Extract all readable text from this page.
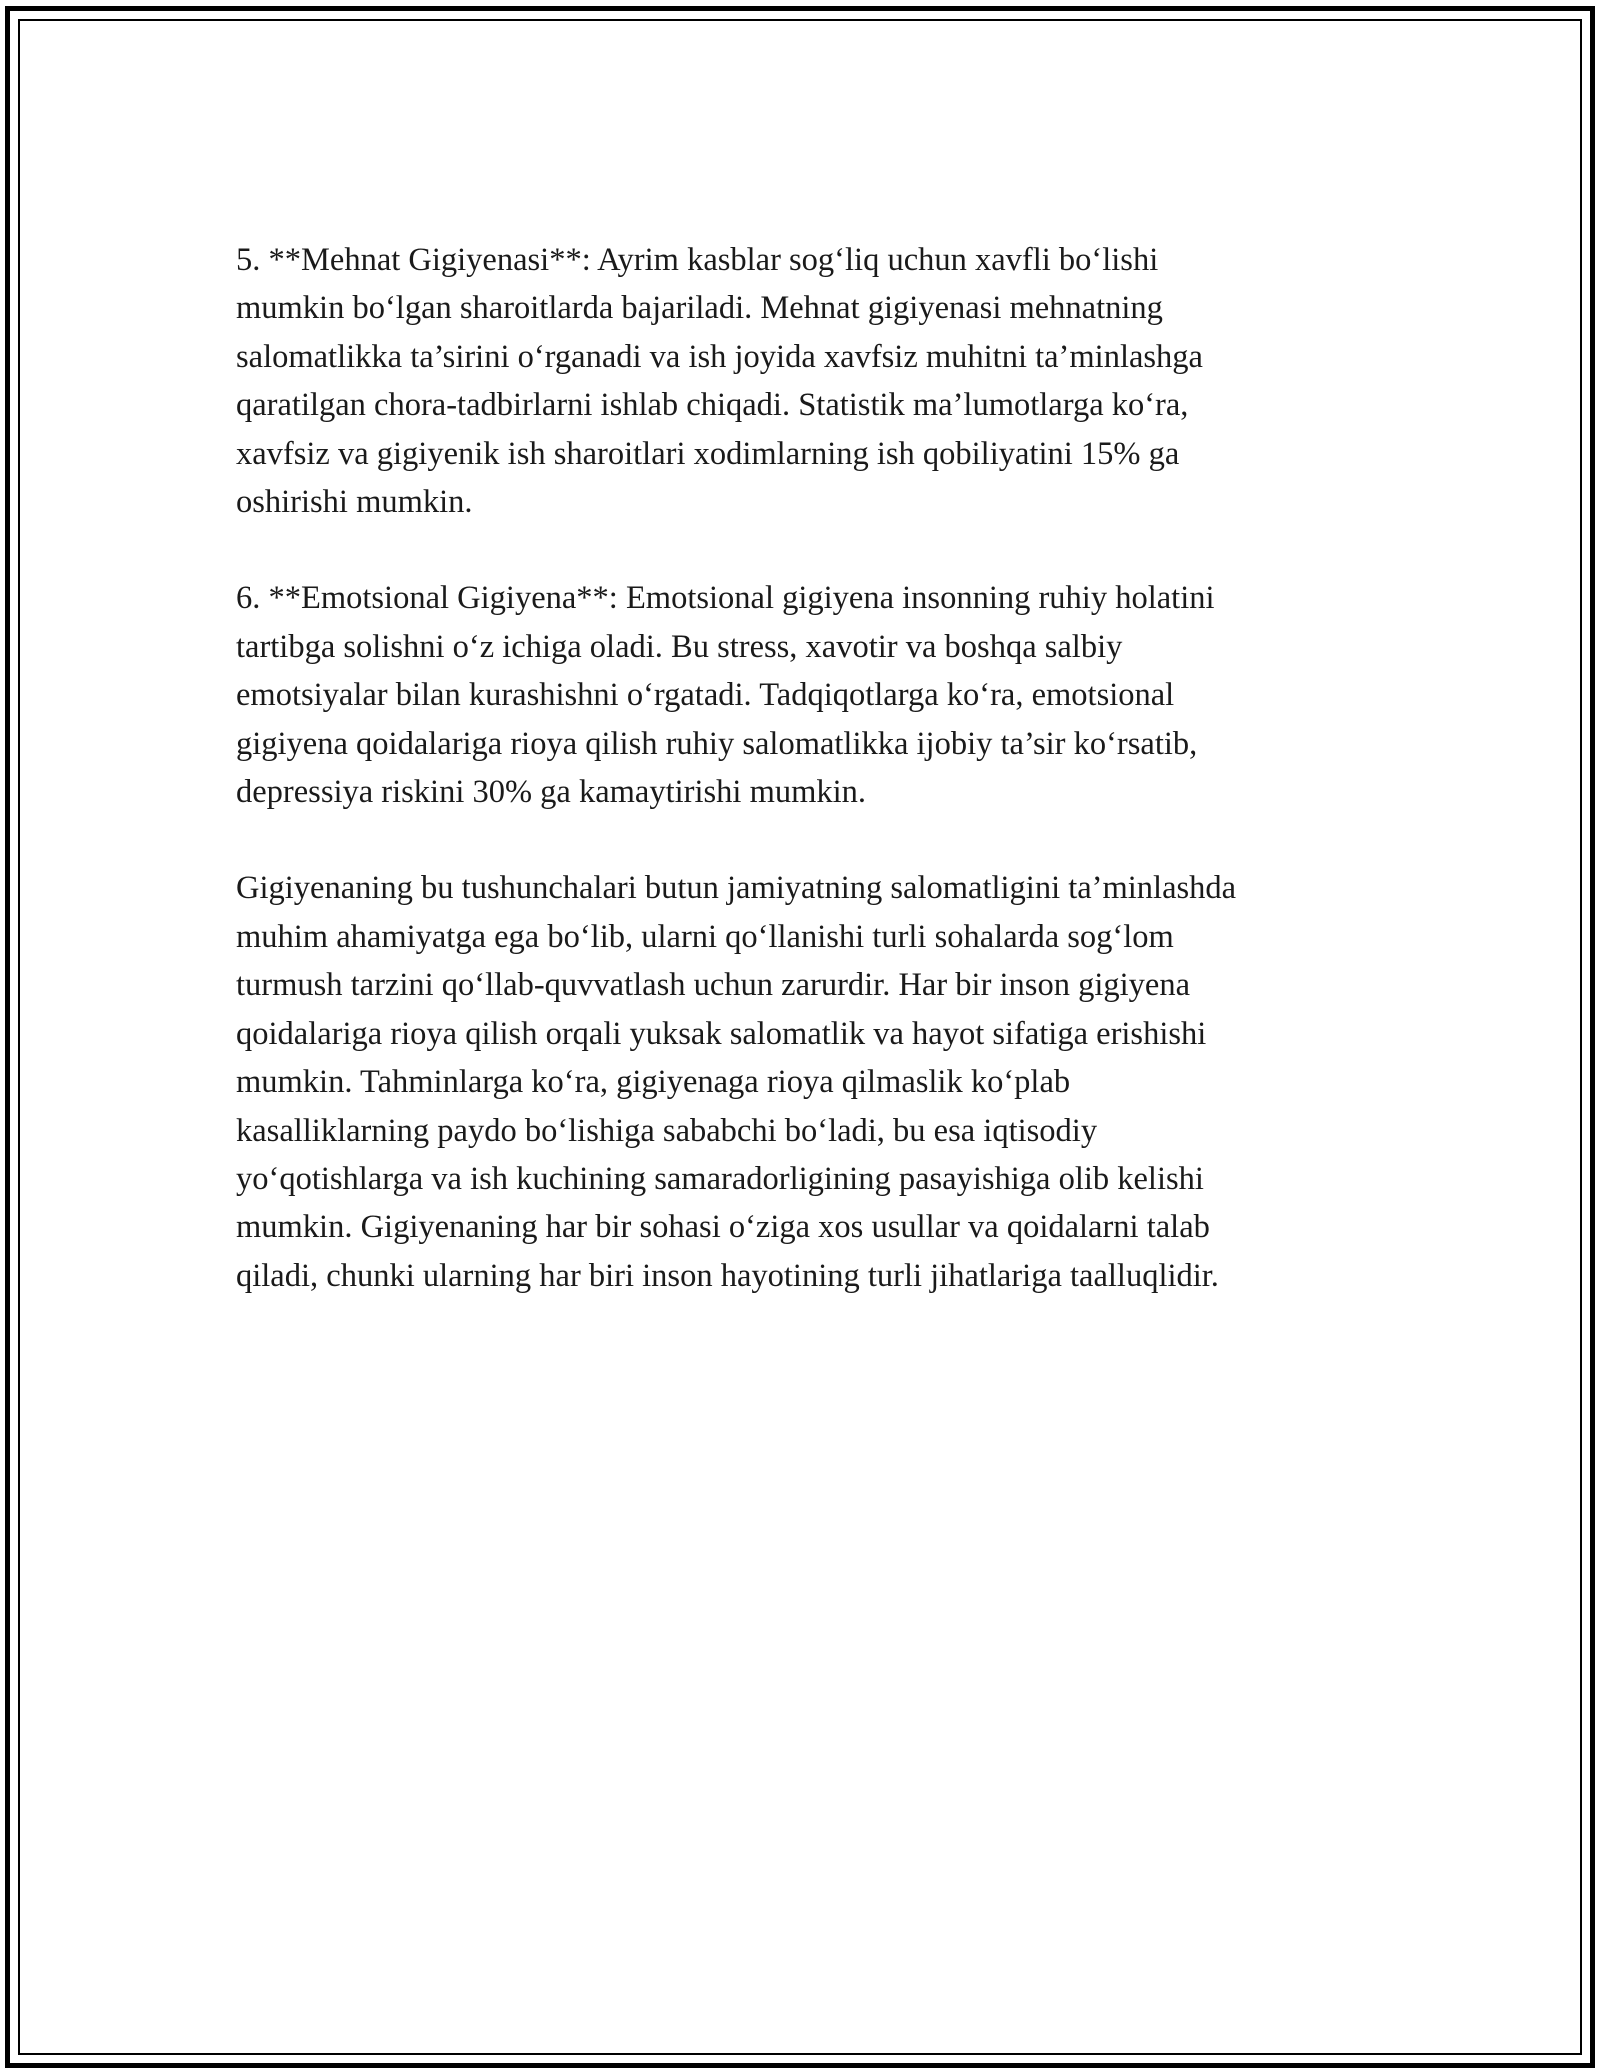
5. **Mehnat Gigiyenasi**: Ayrim kasblar sog‘liq uchun xavfli bo‘lishi
mumkin bo‘lgan sharoitlarda bajariladi. Mehnat gigiyenasi mehnatning
salomatlikka ta’sirini o‘rganadi va ish joyida xavfsiz muhitni ta’minlashga
qaratilgan chora-tadbirlarni ishlab chiqadi. Statistik ma’lumotlarga ko‘ra,
xavfsiz va gigiyenik ish sharoitlari xodimlarning ish qobiliyatini 15% ga
oshirishi mumkin.

6. **Emotsional Gigiyena**: Emotsional gigiyena insonning ruhiy holatini
tartibga solishni o‘z ichiga oladi. Bu stress, xavotir va boshqa salbiy
emotsiyalar bilan kurashishni o‘rgatadi. Tadqiqotlarga ko‘ra, emotsional
gigiyena qoidalariga rioya qilish ruhiy salomatlikka ijobiy ta’sir ko‘rsatib,
depressiya riskini 30% ga kamaytirishi mumkin.

Gigiyenaning bu tushunchalari butun jamiyatning salomatligini ta’minlashda
muhim ahamiyatga ega bo‘lib, ularni qo‘llanishi turli sohalarda sog‘lom
turmush tarzini qo‘llab-quvvatlash uchun zarurdir. Har bir inson gigiyena
qoidalariga rioya qilish orqali yuksak salomatlik va hayot sifatiga erishishi
mumkin. Tahminlarga ko‘ra, gigiyenaga rioya qilmaslik ko‘plab
kasalliklarning paydo bo‘lishiga sababchi bo‘ladi, bu esa iqtisodiy
yo‘qotishlarga va ish kuchining samaradorligining pasayishiga olib kelishi
mumkin. Gigiyenaning har bir sohasi o‘ziga xos usullar va qoidalarni talab
qiladi, chunki ularning har biri inson hayotining turli jihatlariga taalluqlidir.
